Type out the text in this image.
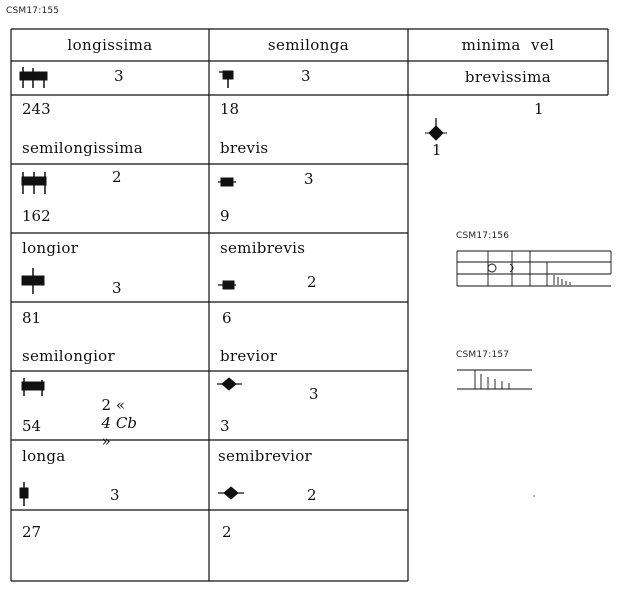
CSM17:155
CSM17:156
CSM17:157
longissima	semilonga	minima  vel
brevissima
3
243
semilongissima
2
162
longior
3
81
semilongior

2 «
4 Cb
»

54
longa
3
27
3
18
brevis
3
9
semibrevis
2
6
brevior
3
3
semibrevior
2
2
1
1
